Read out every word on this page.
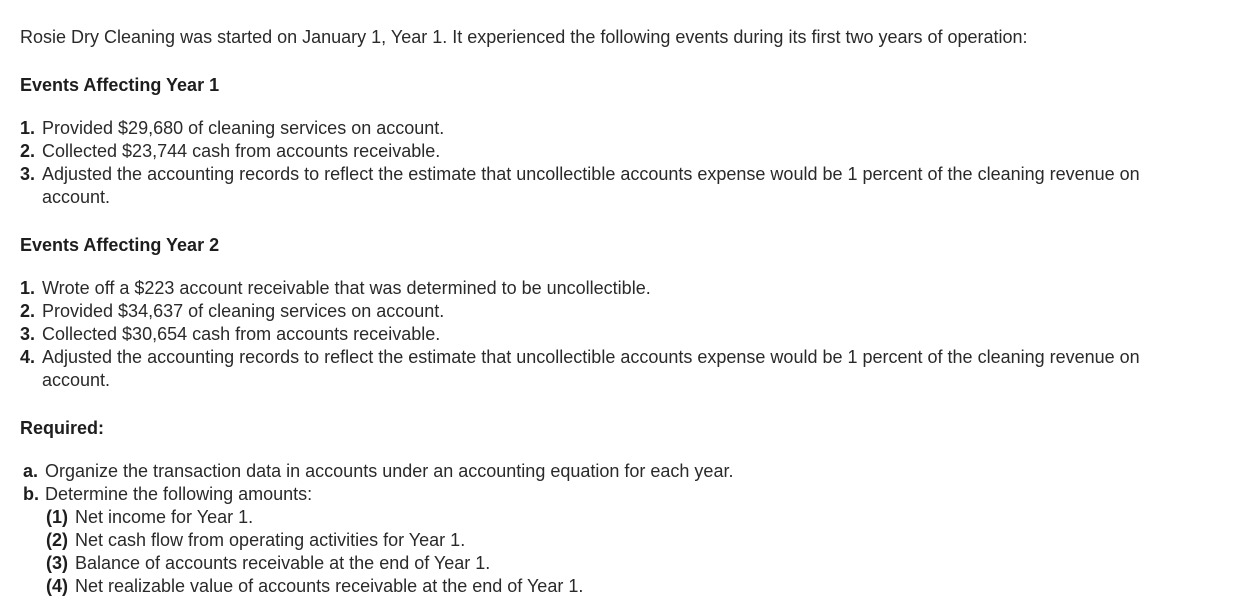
Rosie Dry Cleaning was started on January 1, Year 1. It experienced the following events during its first two years of operation:
Events Affecting Year 1
1. Provided $29,680 of cleaning services on account.
2. Collected $23,744 cash from accounts receivable.
3. Adjusted the accounting records to reflect the estimate that uncollectible accounts expense would be 1 percent of the cleaning revenue on account.
Events Affecting Year 2
1. Wrote off a $223 account receivable that was determined to be uncollectible.
2. Provided $34,637 of cleaning services on account.
3. Collected $30,654 cash from accounts receivable.
4. Adjusted the accounting records to reflect the estimate that uncollectible accounts expense would be 1 percent of the cleaning revenue on account.
Required:
a. Organize the transaction data in accounts under an accounting equation for each year.
b. Determine the following amounts:
(1) Net income for Year 1.
(2) Net cash flow from operating activities for Year 1.
(3) Balance of accounts receivable at the end of Year 1.
(4) Net realizable value of accounts receivable at the end of Year 1.
